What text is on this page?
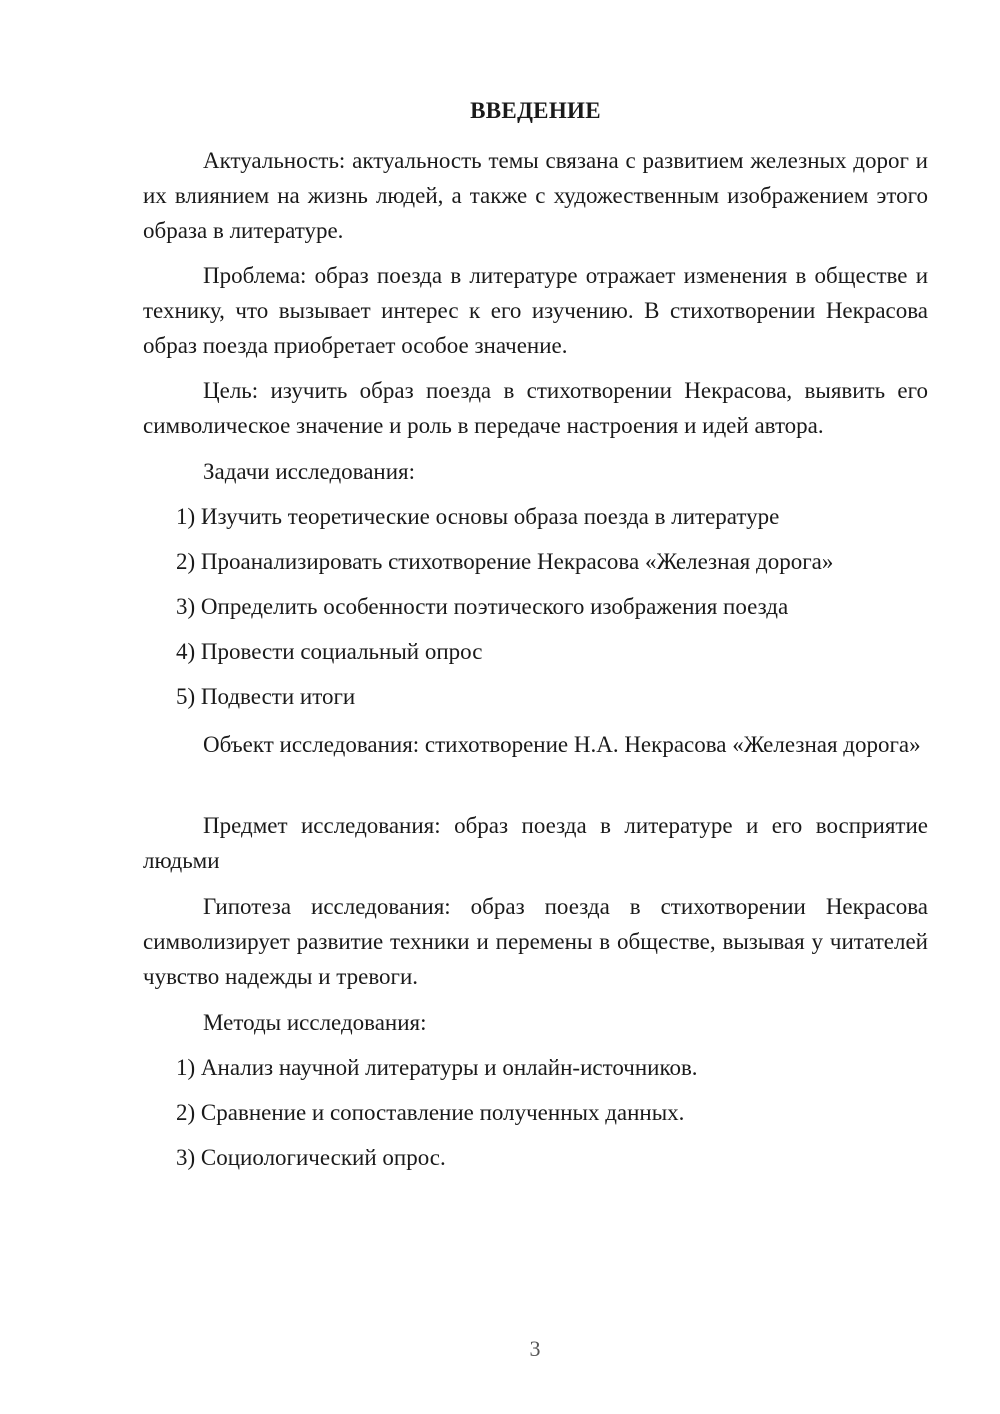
ВВЕДЕНИЕ

Актуальность: актуальность темы связана с развитием железных дорог и их влиянием на жизнь людей, а также с художественным изображением этого образа в литературе.

Проблема: образ поезда в литературе отражает изменения в обществе и технику, что вызывает интерес к его изучению. В стихотворении Некрасова образ поезда приобретает особое значение.

Цель: изучить образ поезда в стихотворении Некрасова, выявить его символическое значение и роль в передаче настроения и идей автора.

Задачи исследования:

1) Изучить теоретические основы образа поезда в литературе

2) Проанализировать стихотворение Некрасова «Железная дорога»

3) Определить особенности поэтического изображения поезда

4) Провести социальный опрос

5) Подвести итоги

Объект исследования: стихотворение Н.А. Некрасова «Железная дорога»

Предмет исследования: образ поезда в литературе и его восприятие людьми

Гипотеза исследования: образ поезда в стихотворении Некрасова символизирует развитие техники и перемены в обществе, вызывая у читателей чувство надежды и тревоги.

Методы исследования:

1) Анализ научной литературы и онлайн-источников.

2) Сравнение и сопоставление полученных данных.

3) Социологический опрос.

3
